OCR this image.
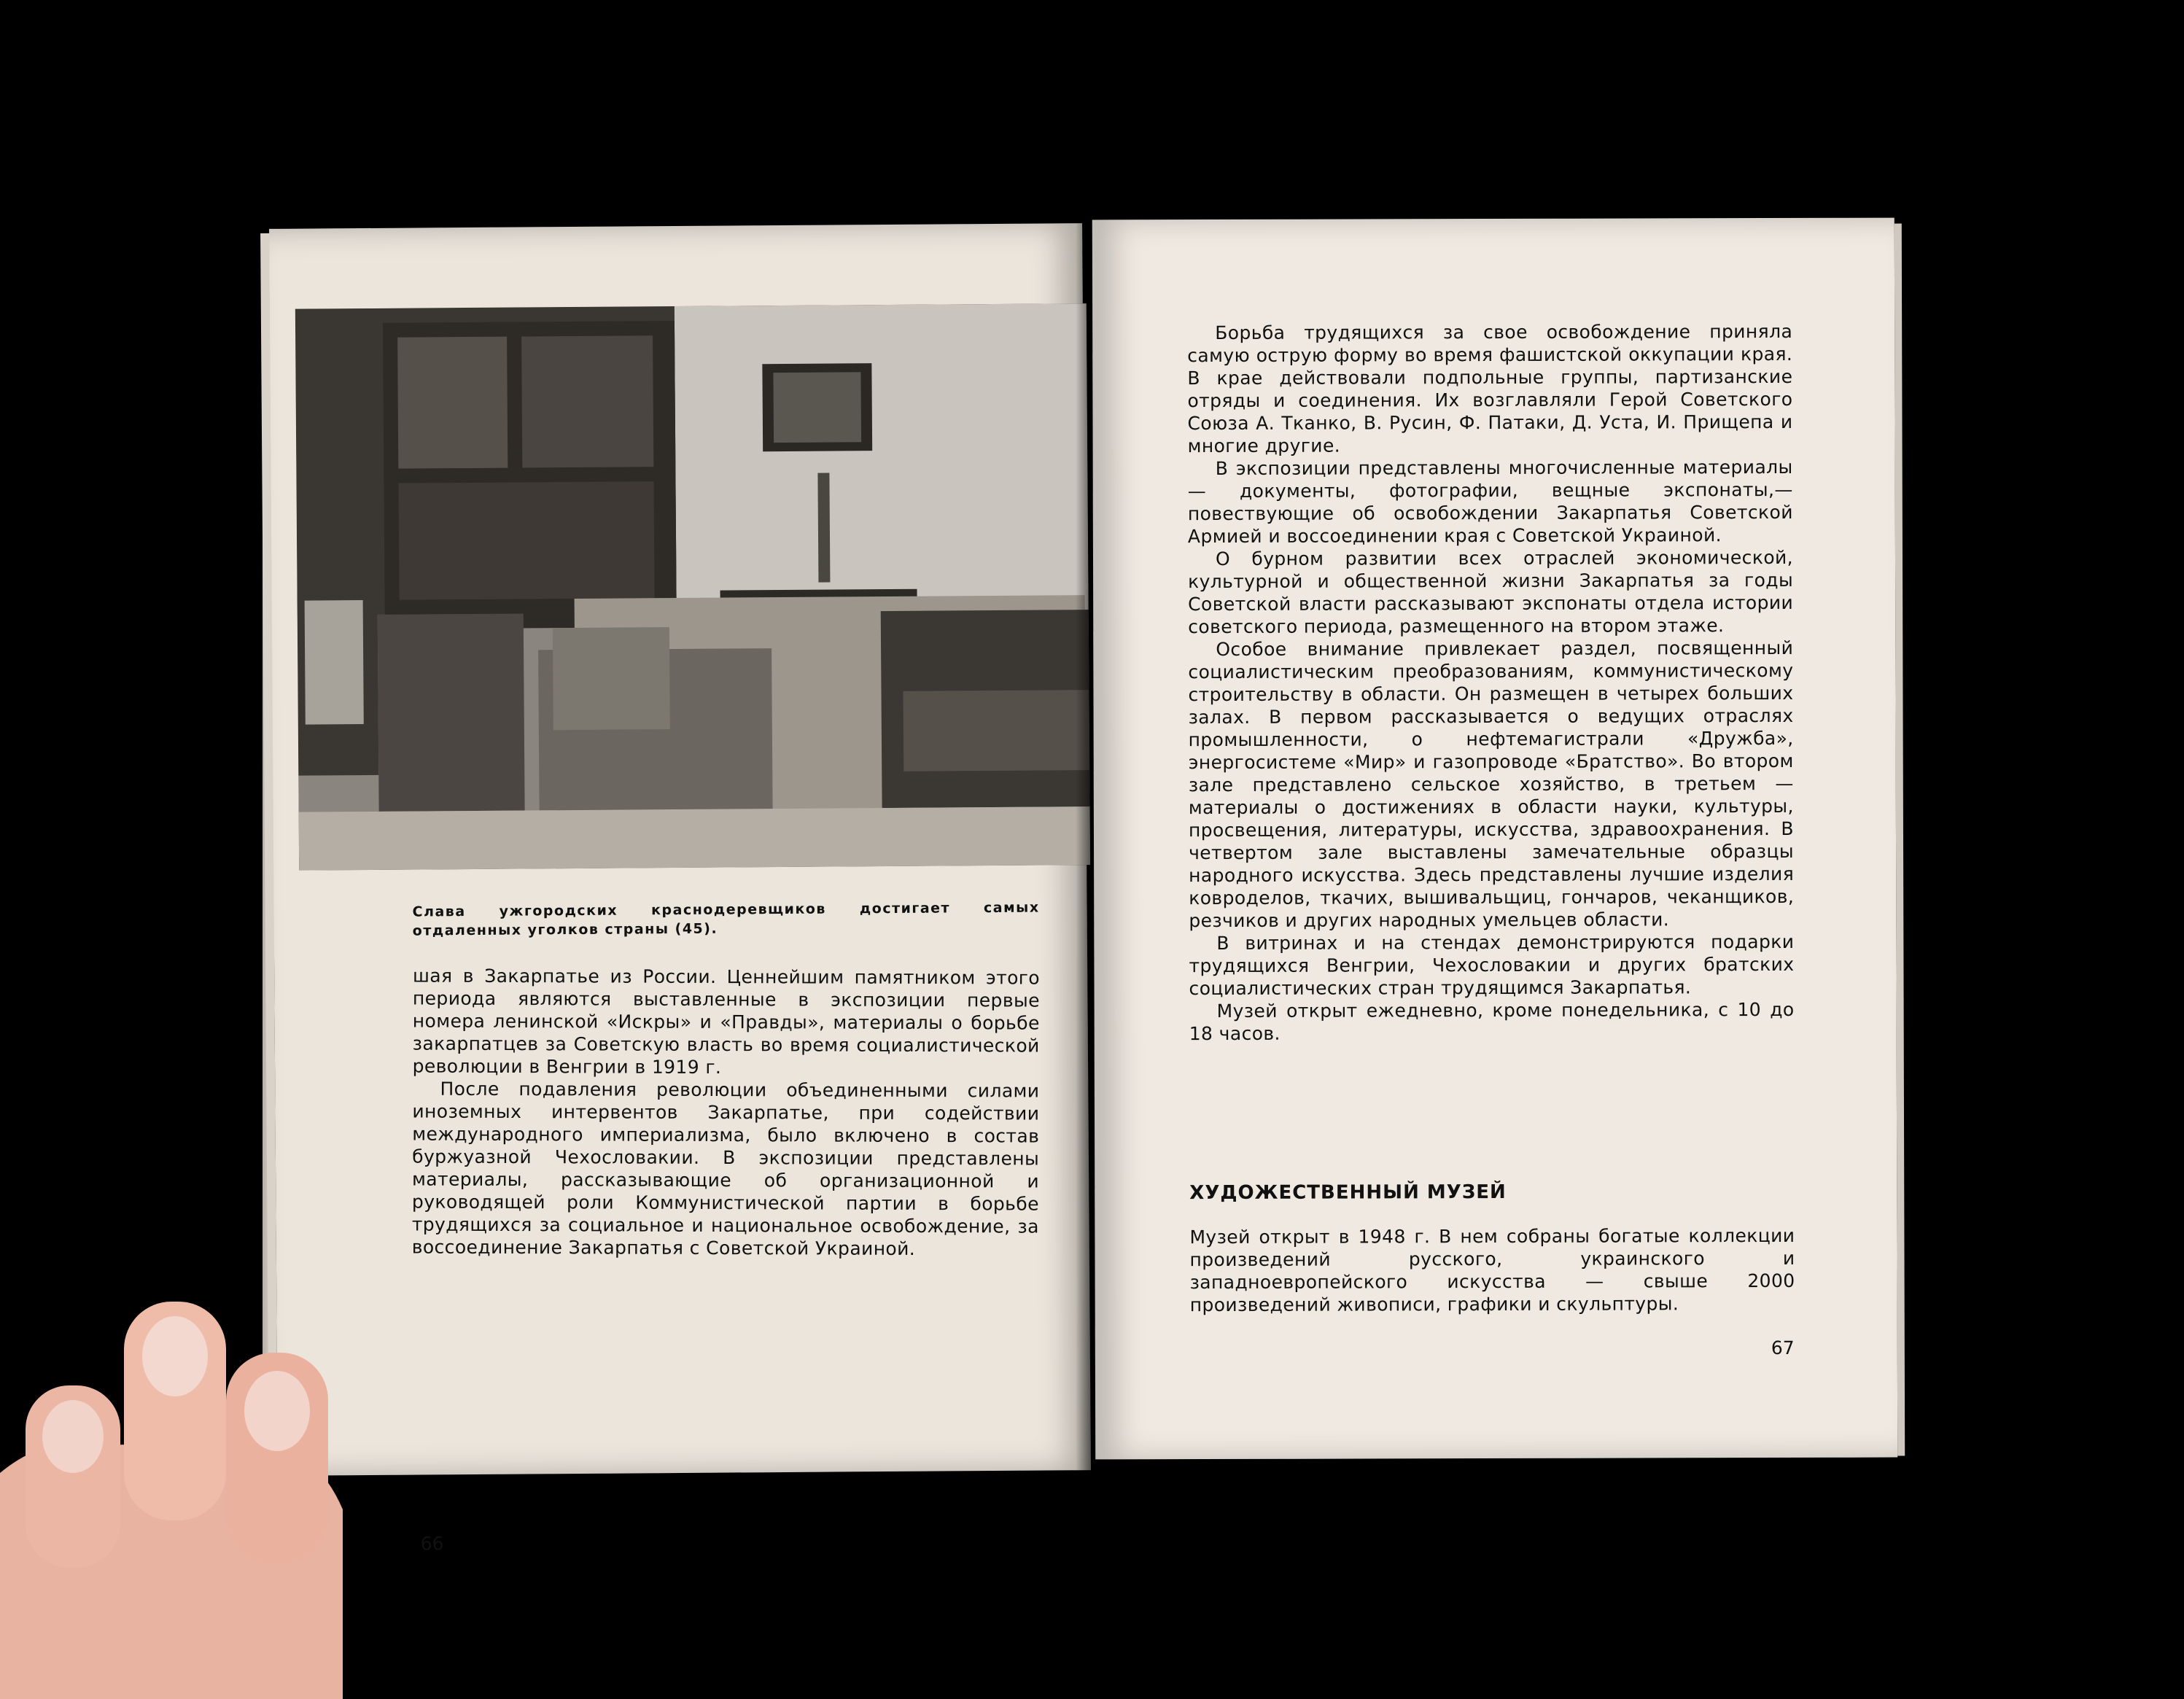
Слава ужгородских краснодеревщиков достигает самых отдаленных уголков страны (45).

шая в Закарпатье из России. Ценнейшим памятником этого периода являются выставленные в экспозиции первые номера ленинской «Искры» и «Правды», материалы о борьбе закарпатцев за Советскую власть во время социалистической революции в Венгрии в 1919 г.

После подавления революции объединенными силами иноземных интервентов Закарпатье, при содействии международного империализма, было включено в состав буржуазной Чехословакии. В экспозиции представлены материалы, рассказывающие об организационной и руководящей роли Коммунистической партии в борьбе трудящихся за социальное и национальное освобождение, за воссоединение Закарпатья с Советской Украиной.

66

Борьба трудящихся за свое освобождение приняла самую острую форму во время фашистской оккупации края. В крае действовали подпольные группы, партизанские отряды и соединения. Их возглавляли Герой Советского Союза А. Тканко, В. Русин, Ф. Патаки, Д. Уста, И. Прищепа и многие другие.

В экспозиции представлены многочисленные материалы — документы, фотографии, вещные экспонаты,— повествующие об освобождении Закарпатья Советской Армией и воссоединении края с Советской Украиной.

О бурном развитии всех отраслей экономической, культурной и общественной жизни Закарпатья за годы Советской власти рассказывают экспонаты отдела истории советского периода, размещенного на втором этаже.

Особое внимание привлекает раздел, посвященный социалистическим преобразованиям, коммунистическому строительству в области. Он размещен в четырех больших залах. В первом рассказывается о ведущих отраслях промышленности, о нефтемагистрали «Дружба», энергосистеме «Мир» и газопроводе «Братство». Во втором зале представлено сельское хозяйство, в третьем — материалы о достижениях в области науки, культуры, просвещения, литературы, искусства, здравоохранения. В четвертом зале выставлены замечательные образцы народного искусства. Здесь представлены лучшие изделия ковроделов, ткачих, вышивальщиц, гончаров, чеканщиков, резчиков и других народных умельцев области.

В витринах и на стендах демонстрируются подарки трудящихся Венгрии, Чехословакии и других братских социалистических стран трудящимся Закарпатья.

Музей открыт ежедневно, кроме понедельника, с 10 до 18 часов.

ХУДОЖЕСТВЕННЫЙ МУЗЕЙ

Музей открыт в 1948 г. В нем собраны богатые коллекции произведений русского, украинского и западноевропейского искусства — свыше 2000 произведений живописи, графики и скульптуры.

67
